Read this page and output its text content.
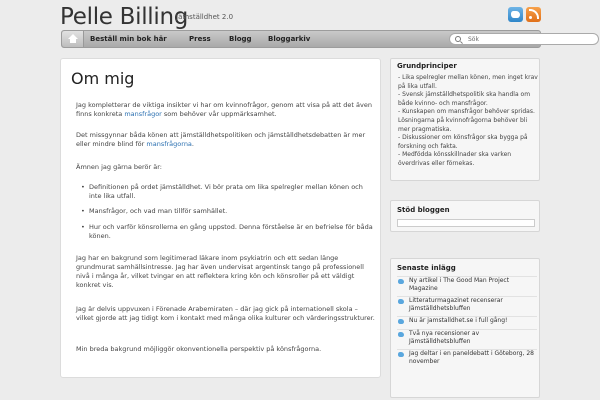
Pelle Billing
Jämställdhet 2.0
Beställ min bok här	Press	Blogg Bloggarkiv	Sök
Om mig
Jag kompletterar de viktiga insikter vi har om kvinnofrågor, genom att visa på att det även finns konkreta mansfrågor som behöver vår uppmärksamhet.
Det missgynnar båda könen att jämställdhetspolitiken och jämställdhetsdebatten är mer eller mindre blind för mansfrågorna.
Ämnen jag gärna berör är:
• Definitionen på ordet jämställdhet. Vi bör prata om lika spelregler mellan könen och inte lika utfall.
• Mansfrågor, och vad man tillför samhället.
• Hur och varför könsrollerna en gång uppstod. Denna förståelse är en befrielse för båda könen.
Jag har en bakgrund som legitimerad läkare inom psykiatrin och ett sedan länge grundmurat samhällsintresse. Jag har även undervisat argentinsk tango på professionell nivå i många år, vilket tvingar en att reflektera kring kön och könsroller på ett väldigt konkret vis.
Jag är delvis uppvuxen i Förenade Arabemiraten – där jag gick på internationell skola – vilket gjorde att jag tidigt kom i kontakt med många olika kulturer och värderingsstrukturer.
Min breda bakgrund möjliggör okonventionella perspektiv på könsfrågorna.
Grundprinciper
- Lika spelregler mellan könen, men inget krav på lika utfall.
- Svensk jämställdhetspolitik ska handla om både kvinno- och mansfrågor.
- Kunskapen om mansfrågor behöver spridas. Lösningarna på kvinnofrågorna behöver bli mer pragmatiska.
- Diskussioner om könsfrågor ska bygga på forskning och fakta.
- Medfödda könsskillnader ska varken överdrivas eller förnekas.
Stöd bloggen
Senaste inlägg
Ny artikel i The Good Man Project Magazine
Litteraturmagazinet recenserar Jämställdhetsbluffen
Nu är jamstalldhet.se i full gång!
Två nya recensioner av Jämställdhetsbluffen
Jag deltar i en paneldebatt i Göteborg, 28 november
